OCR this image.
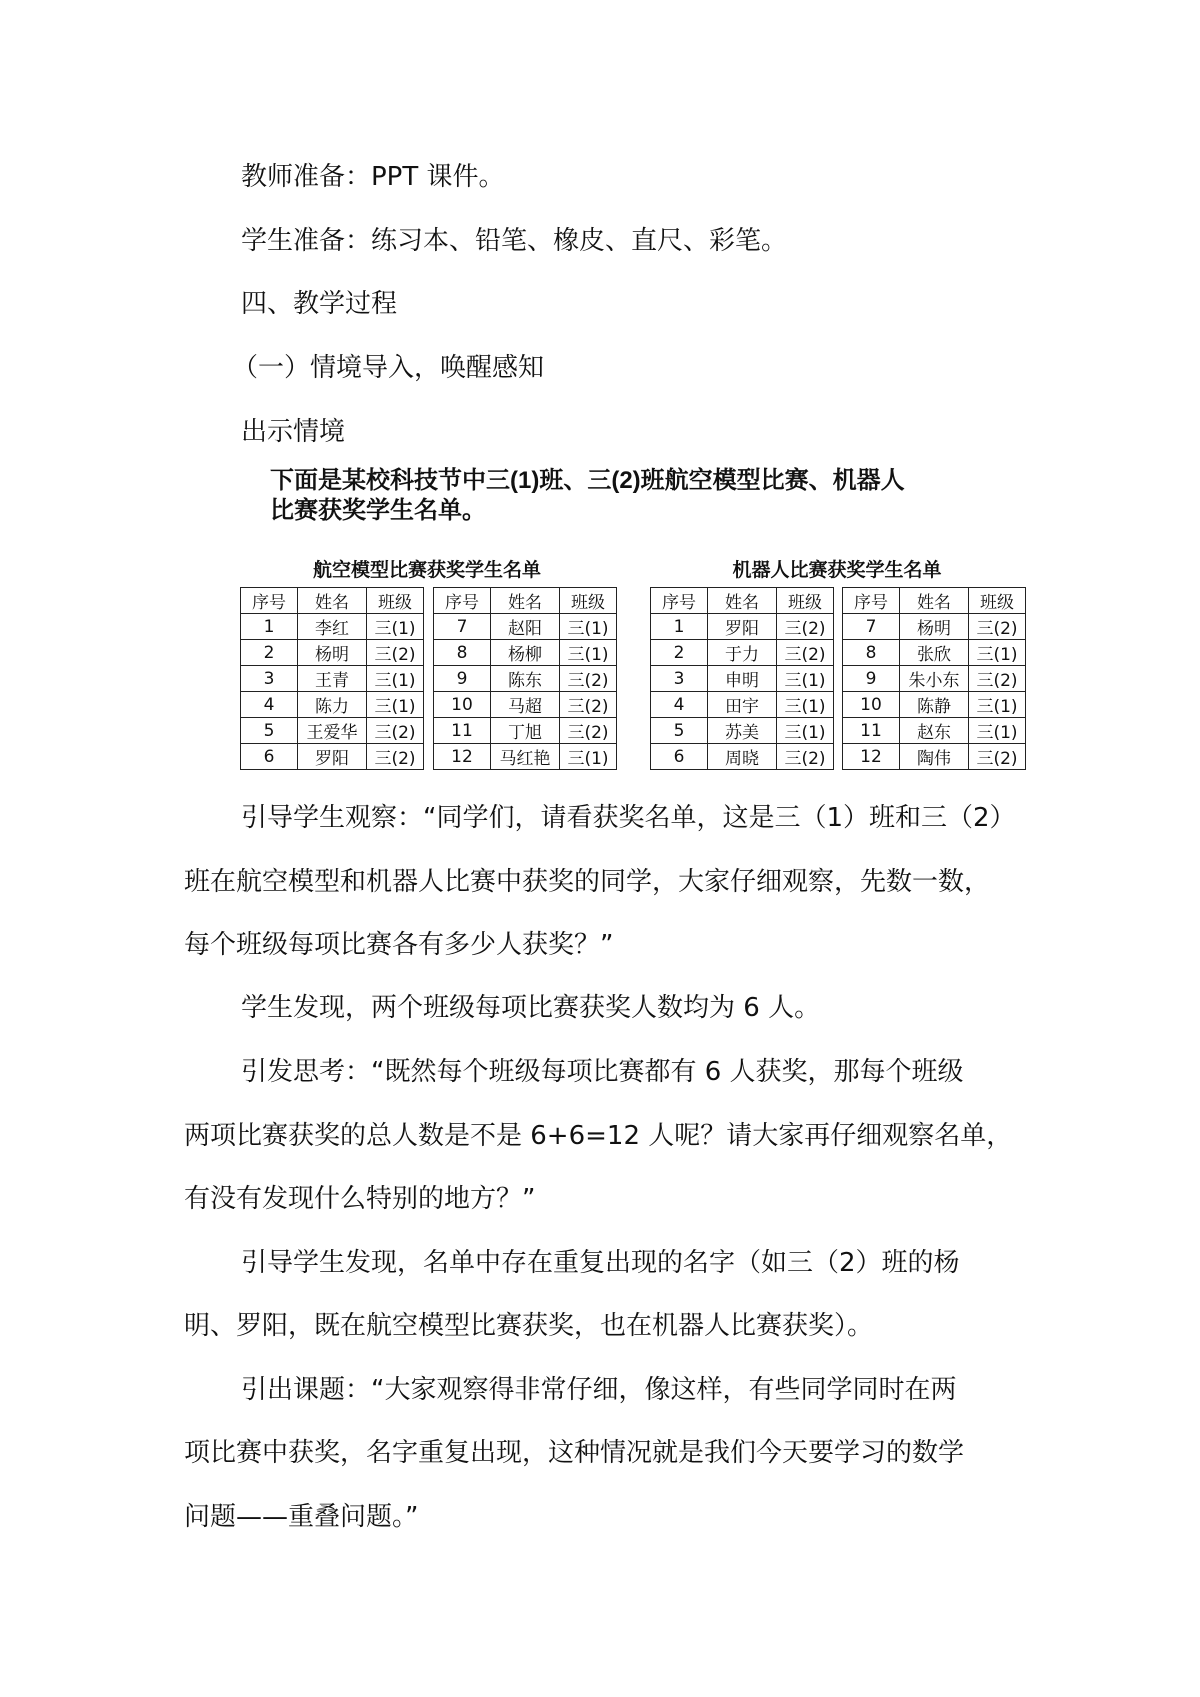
教师准备：PPT 课件。
学生准备：练习本、铅笔、橡皮、直尺、彩笔。
四、教学过程
（一）情境导入，唤醒感知
出示情境
下面是某校科技节中三(1)班、三(2)班航空模型比赛、机器人
比赛获奖学生名单。
航空模型比赛获奖学生名单	机器人比赛获奖学生名单
序号	姓名	班级
1	李红	三(1)
2	杨明	三(2)
3	王青	三(1)
4	陈力	三(1)
5	王爱华	三(2)
6	罗阳	三(2)
序号	姓名	班级
7	赵阳	三(1)
8	杨柳	三(1)
9	陈东	三(2)
10	马超	三(2)
11	丁旭	三(2)
12	马红艳	三(1)
序号	姓名	班级
1	罗阳	三(2)
2	于力	三(2)
3	申明	三(1)
4	田宇	三(1)
5	苏美	三(1)
6	周晓	三(2)
序号	姓名	班级
7	杨明	三(2)
8	张欣	三(1)
9	朱小东	三(2)
10	陈静	三(1)
11	赵东	三(1)
12	陶伟	三(2)
引导学生观察：“同学们，请看获奖名单，这是三（1）班和三（2）
班在航空模型和机器人比赛中获奖的同学，大家仔细观察，先数一数，
每个班级每项比赛各有多少人获奖？”
学生发现，两个班级每项比赛获奖人数均为 6 人。
引发思考：“既然每个班级每项比赛都有 6 人获奖，那每个班级
两项比赛获奖的总人数是不是 6+6=12 人呢？请大家再仔细观察名单，
有没有发现什么特别的地方？”
引导学生发现，名单中存在重复出现的名字（如三（2）班的杨
明、罗阳，既在航空模型比赛获奖，也在机器人比赛获奖）。
引出课题：“大家观察得非常仔细，像这样，有些同学同时在两
项比赛中获奖，名字重复出现，这种情况就是我们今天要学习的数学
问题——重叠问题。”
